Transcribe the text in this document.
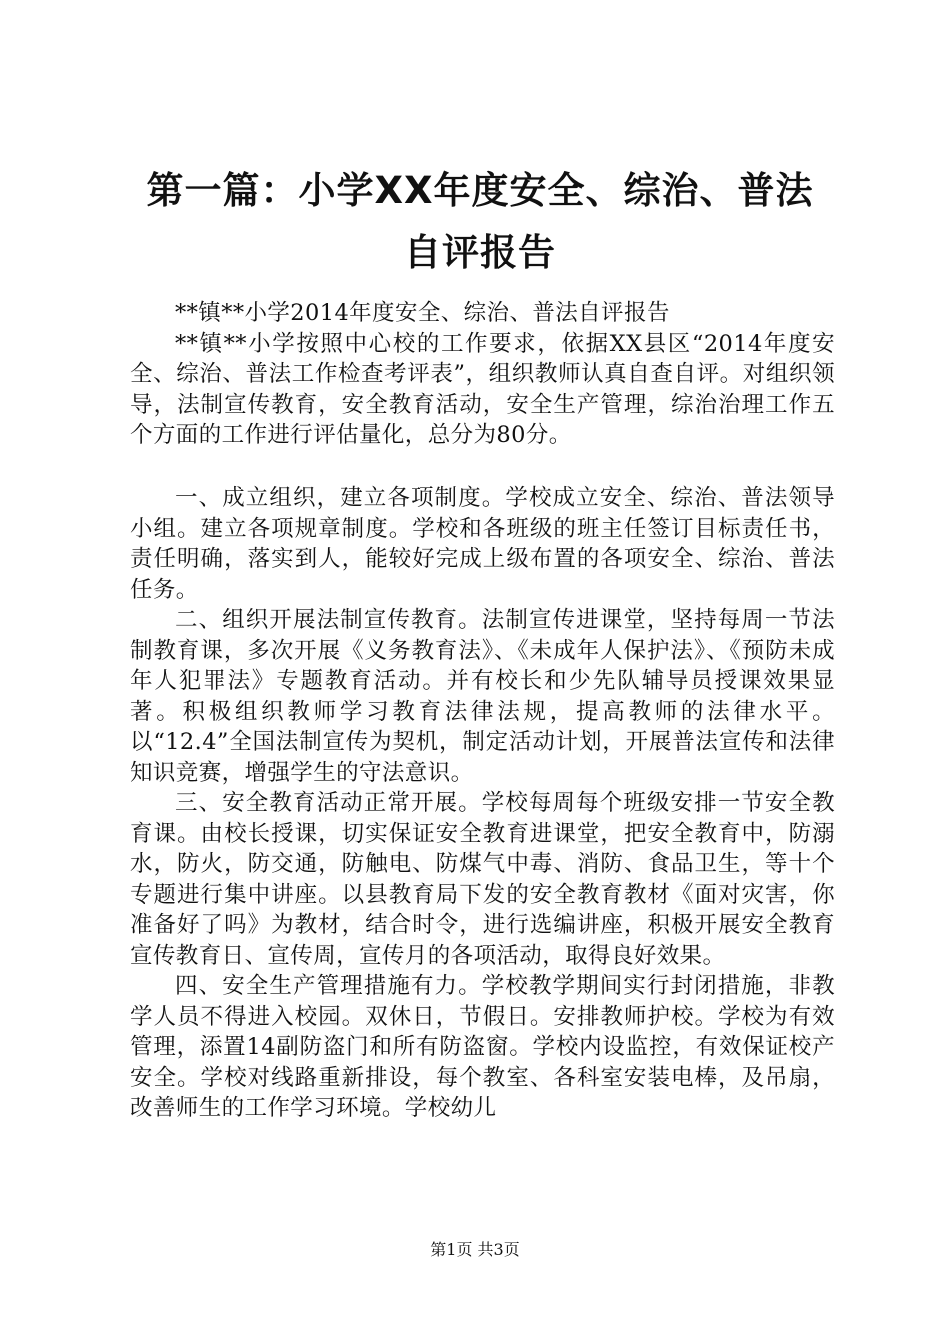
第一篇：小学XX年度安全、综治、普法自评报告

**镇**小学2014年度安全、综治、普法自评报告

**镇**小学按照中心校的工作要求，依据XX县区“2014年度安全、综治、普法工作检查考评表”，组织教师认真自查自评。对组织领导，法制宣传教育，安全教育活动，安全生产管理，综治治理工作五个方面的工作进行评估量化，总分为80分。

一、成立组织，建立各项制度。学校成立安全、综治、普法领导小组。建立各项规章制度。学校和各班级的班主任签订目标责任书，责任明确，落实到人，能较好完成上级布置的各项安全、综治、普法任务。

二、组织开展法制宣传教育。法制宣传进课堂，坚持每周一节法制教育课，多次开展《义务教育法》、《未成年人保护法》、《预防未成年人犯罪法》专题教育活动。并有校长和少先队辅导员授课效果显著。积极组织教师学习教育法律法规，提高教师的法律水平。以“12.4”全国法制宣传为契机，制定活动计划，开展普法宣传和法律知识竞赛，增强学生的守法意识。

三、安全教育活动正常开展。学校每周每个班级安排一节安全教育课。由校长授课，切实保证安全教育进课堂，把安全教育中，防溺水，防火，防交通，防触电、防煤气中毒、消防、食品卫生，等十个专题进行集中讲座。以县教育局下发的安全教育教材《面对灾害，你准备好了吗》为教材，结合时令，进行选编讲座，积极开展安全教育宣传教育日、宣传周，宣传月的各项活动，取得良好效果。

四、安全生产管理措施有力。学校教学期间实行封闭措施，非教学人员不得进入校园。双休日，节假日。安排教师护校。学校为有效管理，添置14副防盗门和所有防盗窗。学校内设监控，有效保证校产安全。学校对线路重新排设，每个教室、各科室安装电棒，及吊扇，改善师生的工作学习环境。学校幼儿

第1页 共3页
